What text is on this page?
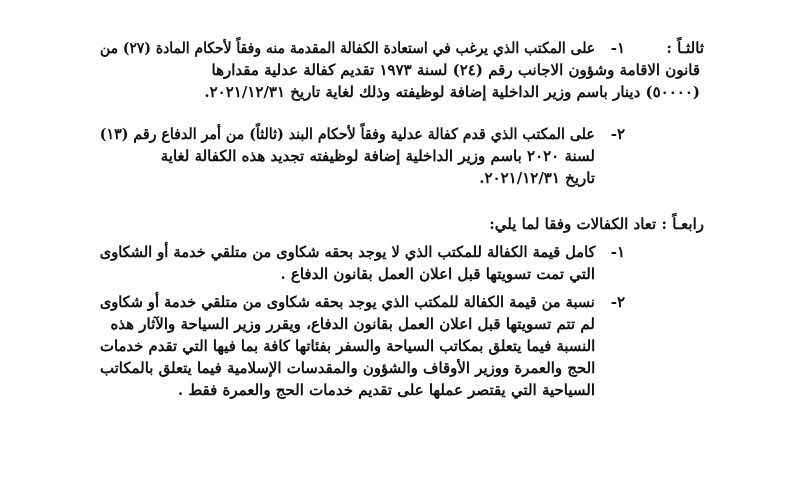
ثالثـاً :
١-
على المكتب الذي يرغب في استعادة الكفالة المقدمة منه وفقاً لأحكام المادة (٢٧) من
قانون الاقامة وشؤون الاجانب رقم (٢٤) لسنة ١٩٧٣ تقديم كفالة عدلية مقدارها
(٥٠٠٠٠) دينار باسم وزير الداخلية إضافة لوظيفته وذلك لغاية تاريخ ٢٠٢١/١٢/٣١.
٢-
على المكتب الذي قدم كفالة عدلية وفقاً لأحكام البند (ثالثاً) من أمر الدفاع رقم (١٣)
لسنة ٢٠٢٠ باسم وزير الداخلية إضافة لوظيفته تجديد هذه الكفالة لغاية
تاريخ ٢٠٢١/١٢/٣١.
رابعـاً : تعاد الكفالات وفقا لما يلي:
١-
كامل قيمة الكفالة للمكتب الذي لا يوجد بحقه شكاوى من متلقي خدمة أو الشكاوى
التي تمت تسويتها قبل اعلان العمل بقانون الدفاع .
٢-
نسبة من قيمة الكفالة للمكتب الذي يوجد بحقه شكاوى من متلقي خدمة أو شكاوى
لم تتم تسويتها قبل اعلان العمل بقانون الدفاع، ويقرر وزير السياحة والآثار هذه
النسبة فيما يتعلق بمكاتب السياحة والسفر بفئاتها كافة بما فيها التي تقدم خدمات
الحج والعمرة ووزير الأوقاف والشؤون والمقدسات الإسلامية فيما يتعلق بالمكاتب
السياحية التي يقتصر عملها على تقديم خدمات الحج والعمرة فقط .
